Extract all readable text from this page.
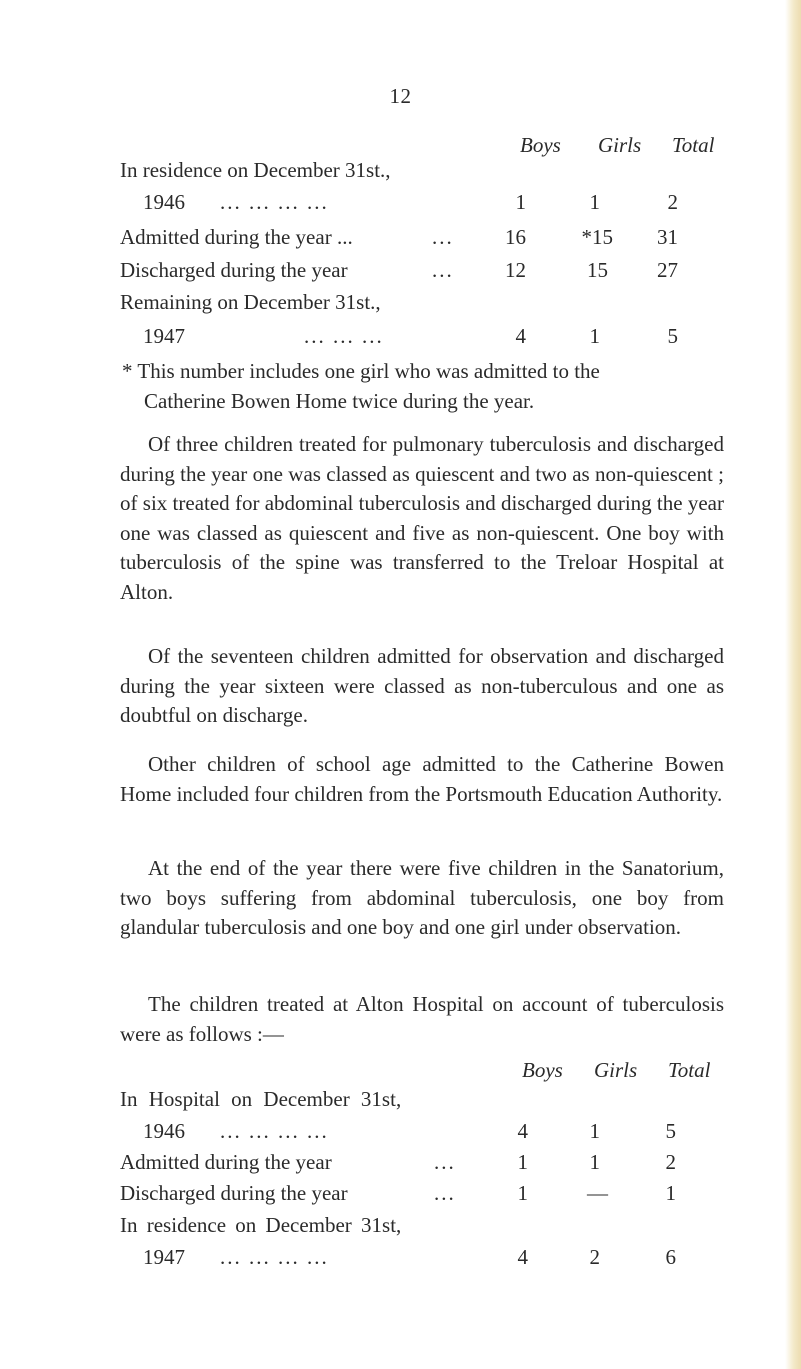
12
Boys Girls Total
In residence on December 31st.,
1946 ... ... ... ...	1	1	2
Admitted during the year ...	...	16	*15	31
Discharged during the year	...	12	15	27
Remaining on December 31st.,
1947	... ... ...	4	1	5
* This number includes one girl who was admitted to the
Catherine Bowen Home twice during the year.
Of three children treated for pulmonary tuberculosis and discharged during the year one was classed as quiescent and two as non-quiescent ; of six treated for abdominal tuberculosis and discharged during the year one was classed as quiescent and five as non-quiescent. One boy with tuberculosis of the spine was transferred to the Treloar Hospital at Alton.
Of the seventeen children admitted for observation and discharged during the year sixteen were classed as non-tuberculous and one as doubtful on discharge.
Other children of school age admitted to the Catherine Bowen Home included four children from the Portsmouth Education Authority.
At the end of the year there were five children in the Sanatorium, two boys suffering from abdominal tuberculosis, one boy from glandular tuberculosis and one boy and one girl under observation.
The children treated at Alton Hospital on account of tuberculosis were as follows :—
Boys Girls Total
In Hospital on December 31st,
1946 ... ... ... ...	4	1	5
Admitted during the year	...	1	1	2
Discharged during the year	...	1	—	1
In residence on December 31st,
1947 ... ... ... ...	4	2	6
